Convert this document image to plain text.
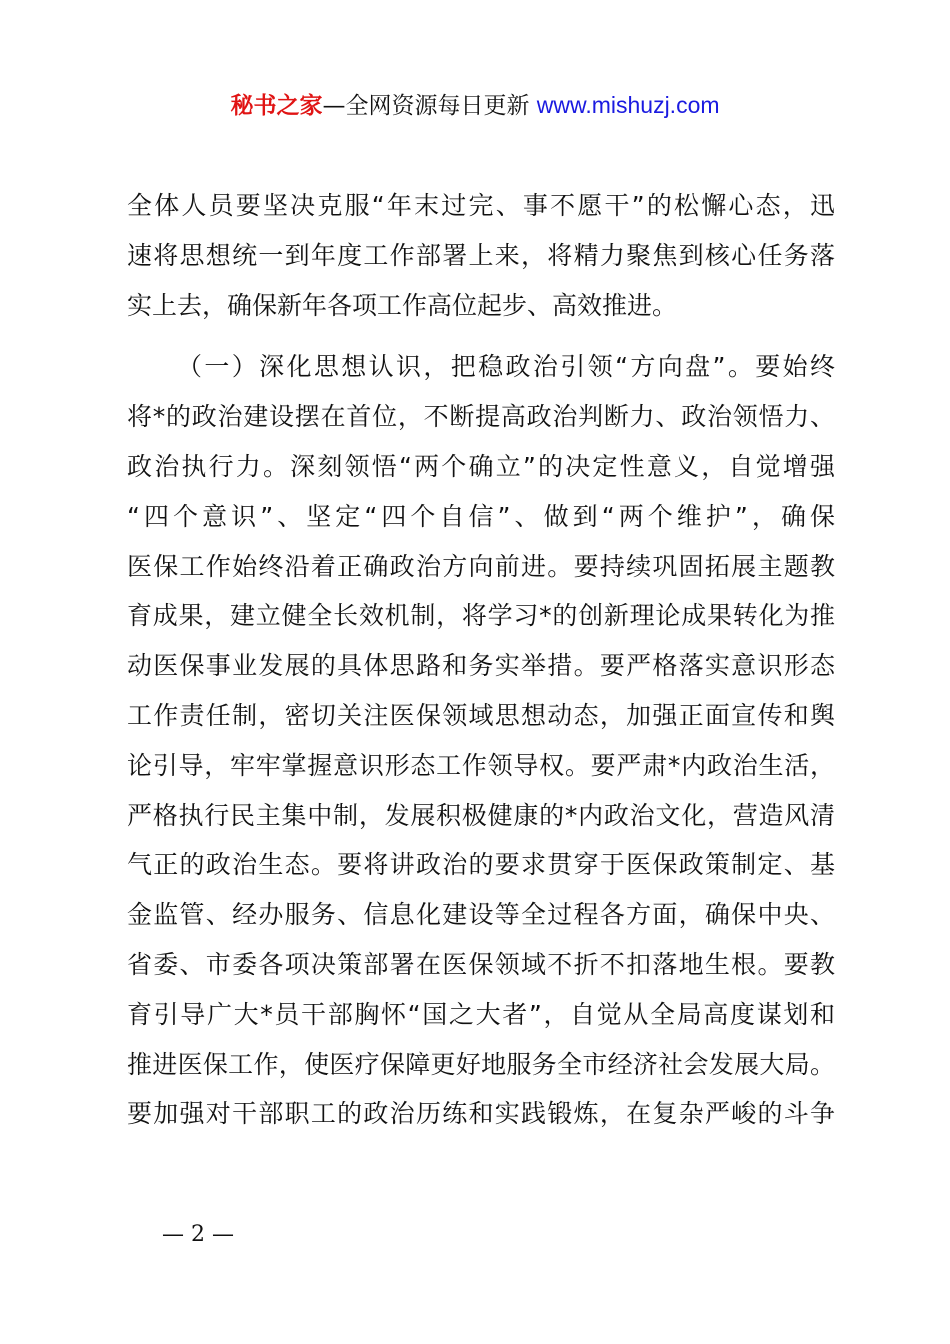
秘书之家—全网资源每日更新 www.mishuzj.com
全体人员要坚决克服“年末过完、事不愿干”的松懈心态，迅
速将思想统一到年度工作部署上来，将精力聚焦到核心任务落
实上去，确保新年各项工作高位起步、高效推进。
（一）深化思想认识，把稳政治引领“方向盘”。要始终
将*的政治建设摆在首位，不断提高政治判断力、政治领悟力、
政治执行力。深刻领悟“两个确立”的决定性意义，自觉增强
“四个意识”、坚定“四个自信”、做到“两个维护”，确保
医保工作始终沿着正确政治方向前进。要持续巩固拓展主题教
育成果，建立健全长效机制，将学习*的创新理论成果转化为推
动医保事业发展的具体思路和务实举措。要严格落实意识形态
工作责任制，密切关注医保领域思想动态，加强正面宣传和舆
论引导，牢牢掌握意识形态工作领导权。要严肃*内政治生活，
严格执行民主集中制，发展积极健康的*内政治文化，营造风清
气正的政治生态。要将讲政治的要求贯穿于医保政策制定、基
金监管、经办服务、信息化建设等全过程各方面，确保中央、
省委、市委各项决策部署在医保领域不折不扣落地生根。要教
育引导广大*员干部胸怀“国之大者”，自觉从全局高度谋划和
推进医保工作，使医疗保障更好地服务全市经济社会发展大局。
要加强对干部职工的政治历练和实践锻炼，在复杂严峻的斗争
— 2 —
